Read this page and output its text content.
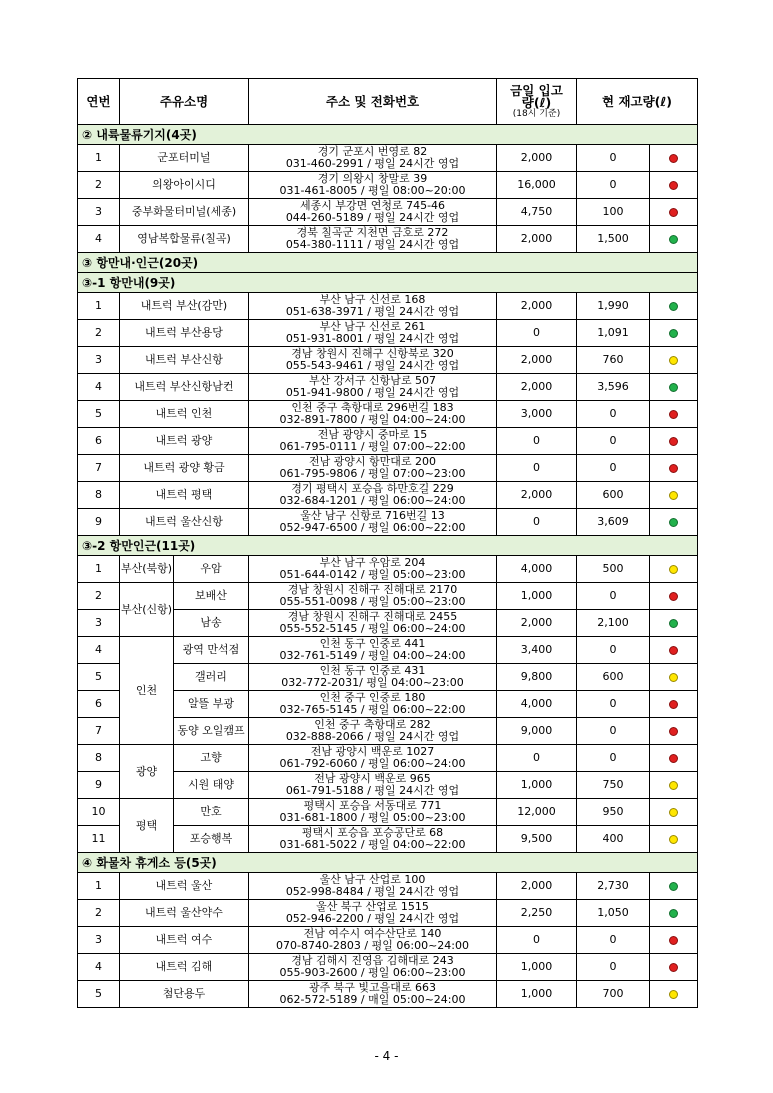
연번	주유소명		주소 및 전화번호	금일 입고량(ℓ)
(18시 기준)	현 재고량(ℓ)	
② 내륙물류기지(4곳)						
1	군포터미널		경기 군포시 번영로 82
031-460-2991 / 평일 24시간 영업	2,000	0	
2	의왕아이시디		경기 의왕시 창말로 39
031-461-8005 / 평일 08:00~20:00	16,000	0	
3	중부화물터미널(세종)		세종시 부강면 연청로 745-46
044-260-5189 / 평일 24시간 영업	4,750	100	
4	영남복합물류(칠곡)		경북 칠곡군 지천면 금호로 272
054-380-1111 / 평일 24시간 영업	2,000	1,500	
③ 항만내·인근(20곳)						
③-1 항만내(9곳)						
1	내트럭 부산(감만)		부산 남구 신선로 168
051-638-3971 / 평일 24시간 영업	2,000	1,990	
2	내트럭 부산용당		부산 남구 신선로 261
051-931-8001 / 평일 24시간 영업	0	1,091	
3	내트럭 부산신항		경남 창원시 진해구 신항북로 320
055-543-9461 / 평일 24시간 영업	2,000	760	
4	내트럭 부산신항남컨		부산 강서구 신항남로 507
051-941-9800 / 평일 24시간 영업	2,000	3,596	
5	내트럭 인천		인천 중구 축항대로 296번길 183
032-891-7800 / 평일 04:00~24:00	3,000	0	
6	내트럭 광양		전남 광양시 중마로 15
061-795-0111 / 평일 07:00~22:00	0	0	
7	내트럭 광양 황금		전남 광양시 항만대로 200
061-795-9806 / 평일 07:00~23:00	0	0	
8	내트럭 평택		경기 평택시 포승읍 하만호길 229
032-684-1201 / 평일 06:00~24:00	2,000	600	
9	내트럭 울산신항		울산 남구 신항로 716번길 13
052-947-6500 / 평일 06:00~22:00	0	3,609	
③-2 항만인근(11곳)						
1	부산(북항)	우암	부산 남구 우암로 204
051-644-0142 / 평일 05:00~23:00	4,000	500	
2	부산(신항)	보배산	경남 창원시 진해구 진해대로 2170
055-551-0098 / 평일 05:00~23:00	1,000	0	
3		남송	경남 창원시 진해구 진해대로 2455
055-552-5145 / 평일 06:00~24:00	2,000	2,100	
4	인천	광역 만석점	인천 동구 인중로 441
032-761-5149 / 평일 04:00~24:00	3,400	0	
5		갤러리	인천 동구 인중로 431
032-772-2031/ 평일 04:00~23:00	9,800	600	
6		알뜰 부광	인천 중구 인중로 180
032-765-5145 / 평일 06:00~22:00	4,000	0	
7		동양 오일캠프	인천 중구 축항대로 282
032-888-2066 / 평일 24시간 영업	9,000	0	
8	광양	고향	전남 광양시 백운로 1027
061-792-6060 / 평일 06:00~24:00	0	0	
9		시원 태양	전남 광양시 백운로 965
061-791-5188 / 평일 24시간 영업	1,000	750	
10	평택	만호	평택시 포승읍 서동대로 771
031-681-1800 / 평일 05:00~23:00	12,000	950	
11		포승행복	평택시 포승읍 포승공단로 68
031-681-5022 / 평일 04:00~22:00	9,500	400	
④ 화물차 휴게소 등(5곳)						
1	내트럭 울산		울산 남구 산업로 100
052-998-8484 / 평일 24시간 영업	2,000	2,730	
2	내트럭 울산약수		울산 북구 산업로 1515
052-946-2200 / 평일 24시간 영업	2,250	1,050	
3	내트럭 여수		전남 여수시 여수산단로 140
070-8740-2803 / 평일 06:00~24:00	0	0	
4	내트럭 김해		경남 김해시 진영읍 김해대로 243
055-903-2600 / 평일 06:00~23:00	1,000	0	
5	첨단용두		광주 북구 빛고을대로 663
062-572-5189 / 매일 05:00~24:00	1,000	700	
- 4 -
